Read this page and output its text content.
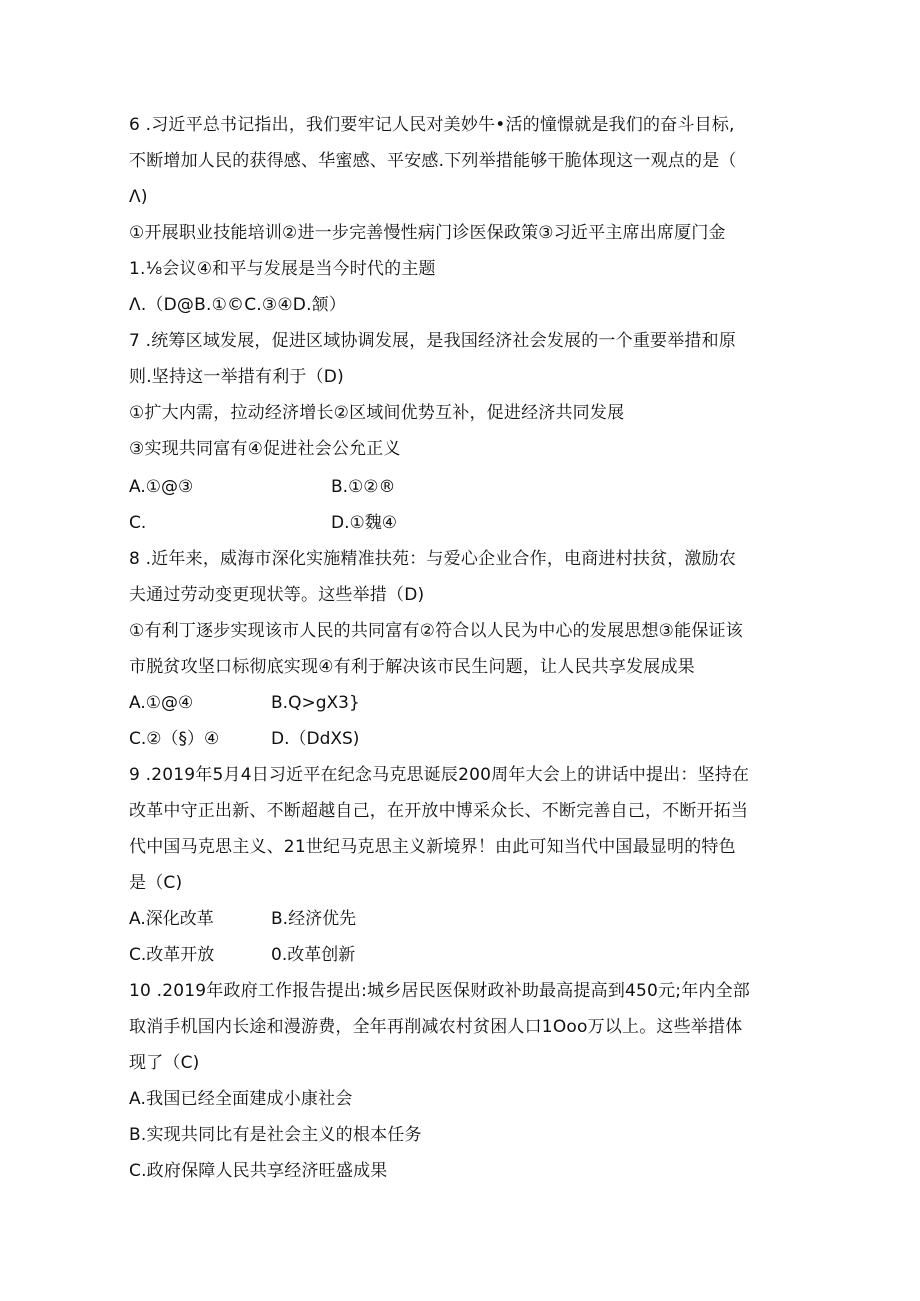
6 .习近平总书记指出，我们要牢记人民对美妙牛•活的憧憬就是我们的奋斗目标,
不断增加人民的获得感、华蜜感、平安感.下列举措能够干脆体现这一观点的是（
Λ)
①开展职业技能培训②进一步完善慢性病门诊医保政策③习近平主席出席厦门金
1.⅛会议④和平与发展是当今时代的主题
Λ.（D@B.①©C.③④D.颔）
7 .统筹区域发展，促进区域协调发展，是我国经济社会发展的一个重要举措和原
则.坚持这一举措有利于（D)
①扩大内需，拉动经济增长②区域间优势互补，促进经济共同发展
③实现共同富有④促进社会公允正义
A.①@③	B.①②®
C.	D.①魏④
8 .近年来，威海市深化实施精准扶苑：与爱心企业合作，电商进村扶贫，激励农
夫通过劳动变更现状等。这些举措（D)
①有利丁逐步实现该市人民的共同富有②符合以人民为中心的发展思想③能保证该
市脱贫攻坚口标彻底实现④有利于解决该市民生问题，让人民共享发展成果
A.①@④	B.Q>gX3}
C.②（§）④	D.（DdXS)
9 .2019年5月4日习近平在纪念马克思诞辰200周年大会上的讲话中提出：坚持在
改革中守正出新、不断超越自己，在开放中博采众长、不断完善自己，不断开拓当
代中国马克思主义、21世纪马克思主义新境界！由此可知当代中国最显明的特色
是（C)
A.深化改革	B.经济优先
C.改革开放	0.改革创新
10 .2019年政府工作报告提出:城乡居民医保财政补助最高提高到450元;年内全部
取消手机国内长途和漫游费，全年再削减农村贫困人口1Ooo万以上。这些举措体
现了（C)
A.我国已经全面建成小康社会
B.实现共同比有是社会主义的根本任务
C.政府保障人民共享经济旺盛成果
